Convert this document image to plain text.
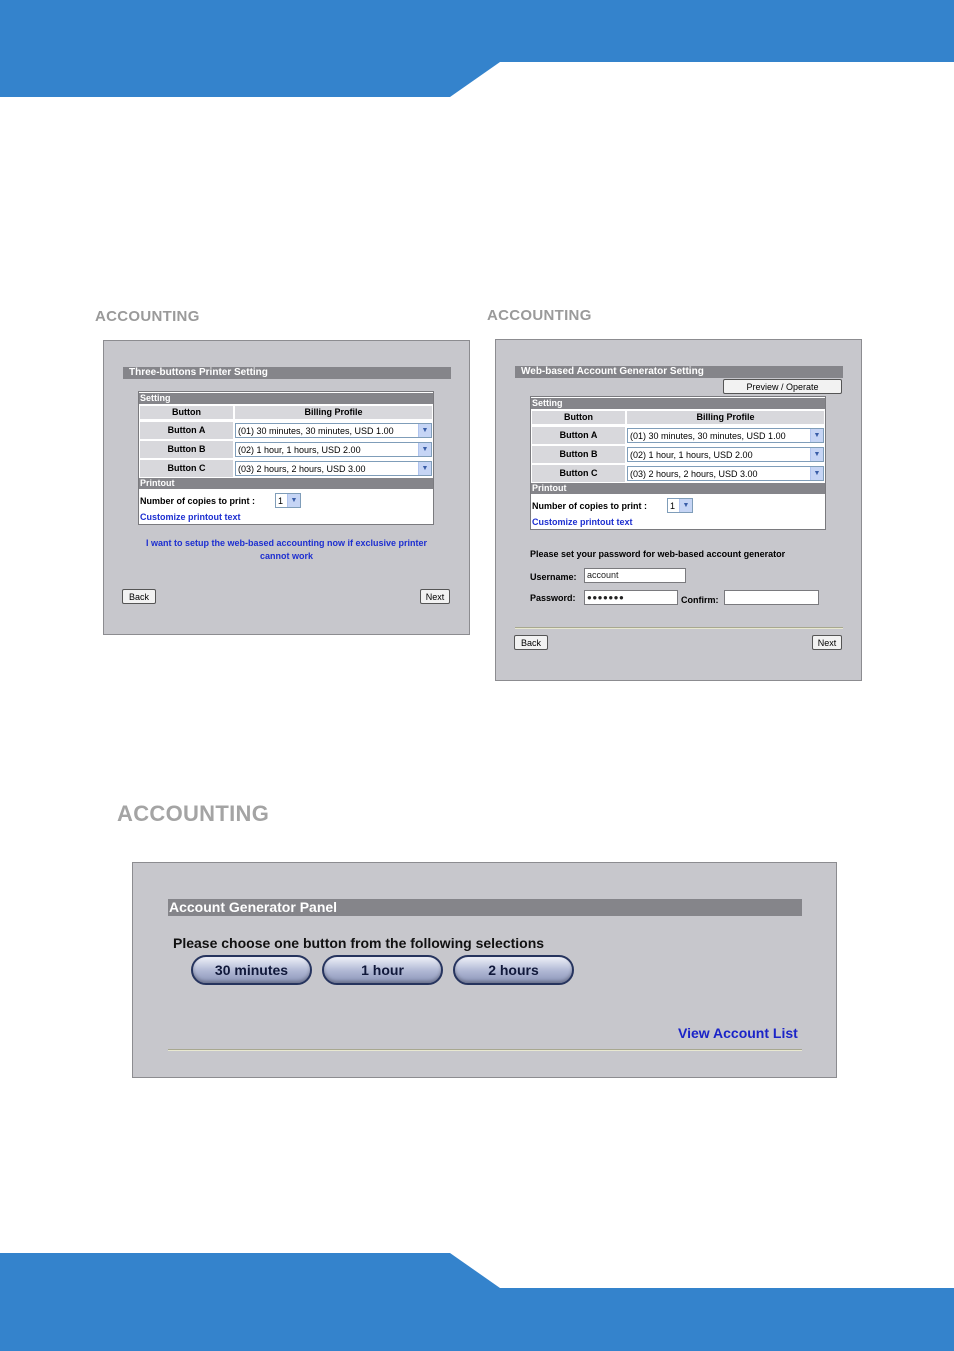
ACCOUNTING
Three-buttons Printer Setting
Setting
Button	Billing Profile
Button A	(01) 30 minutes, 30 minutes, USD 1.00	▼
Button B	(02) 1 hour, 1 hours, USD 2.00	▼
Button C	(03) 2 hours, 2 hours, USD 3.00	▼
Printout
Number of copies to print :	1	▼
Customize printout text
I want to setup the web-based accounting now if exclusive printer
cannot work
Back	Next
ACCOUNTING
Web-based Account Generator Setting
Preview / Operate
Setting
Button	Billing Profile
Button A	(01) 30 minutes, 30 minutes, USD 1.00	▼
Button B	(02) 1 hour, 1 hours, USD 2.00	▼
Button C	(03) 2 hours, 2 hours, USD 3.00	▼
Printout
Number of copies to print :	1	▼
Customize printout text
Please set your password for web-based account generator
Username:	account
Password:	●●●●●●●	Confirm:
Back	Next
ACCOUNTING
Account Generator Panel
Please choose one button from the following selections
30 minutes	1 hour	2 hours
View Account List
